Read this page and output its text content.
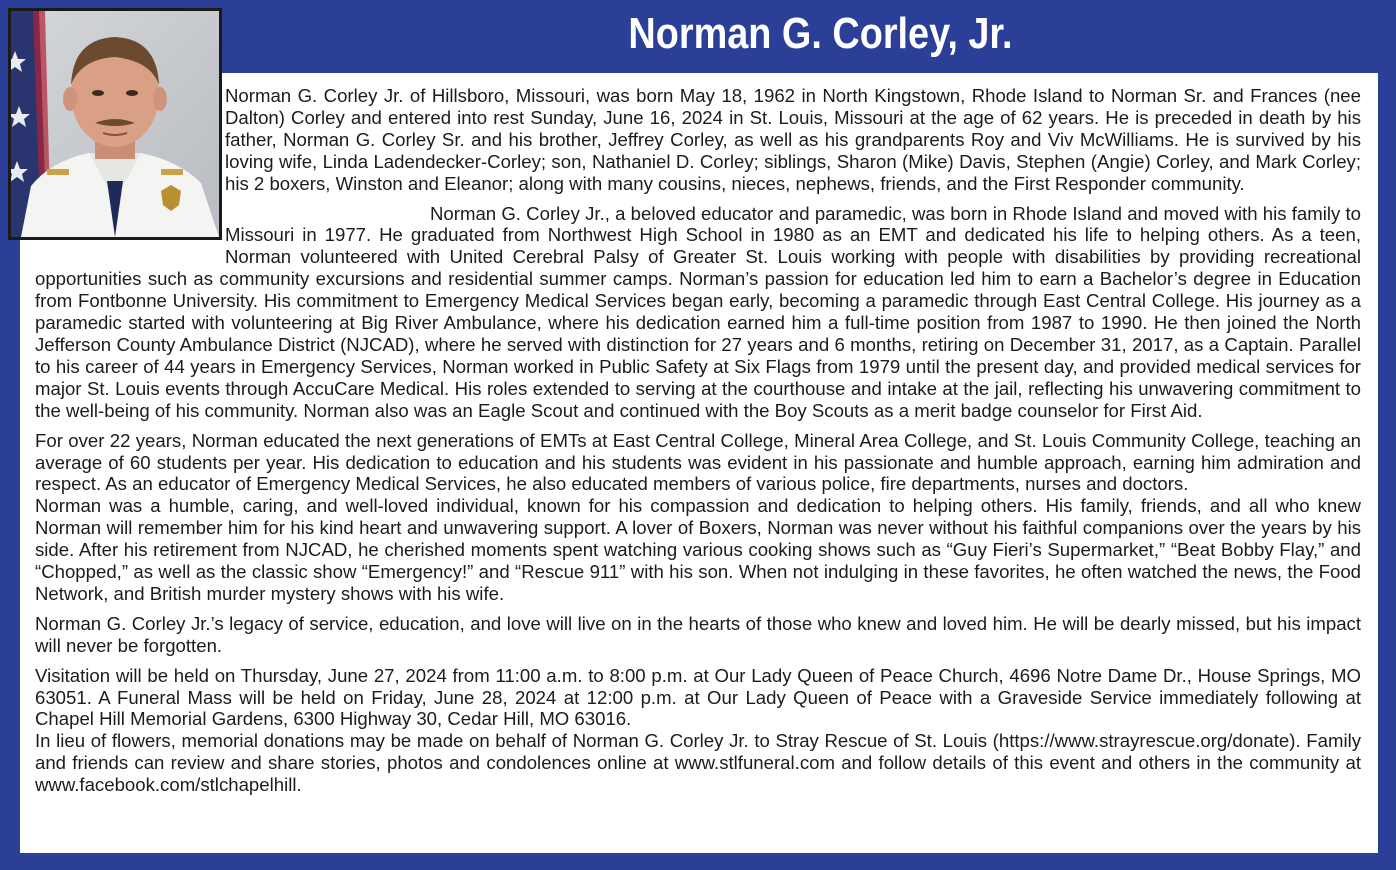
Norman G. Corley, Jr.

Norman G. Corley Jr. of Hillsboro, Missouri, was born May 18, 1962 in North Kingstown, Rhode Island to Norman Sr. and Frances (nee Dalton) Corley and entered into rest Sunday, June 16, 2024 in St. Louis, Missouri at the age of 62 years. He is preceded in death by his father, Norman G. Corley Sr. and his brother, Jeffrey Corley, as well as his grandparents Roy and Viv McWilliams. He is survived by his loving wife, Linda Ladendecker-Corley; son, Nathaniel D. Corley; siblings, Sharon (Mike) Davis, Stephen (Angie) Corley, and Mark Corley; his 2 boxers, Winston and Eleanor; along with many cousins, nieces, nephews, friends, and the First Responder community.

Norman G. Corley Jr., a beloved educator and paramedic, was born in Rhode Island and moved with his family to Missouri in 1977. He graduated from Northwest High School in 1980 as an EMT and dedicated his life to helping others. As a teen, Norman volunteered with United Cerebral Palsy of Greater St. Louis working with people with disabilities by providing recreational opportunities such as community excursions and residential summer camps. Norman’s passion for education led him to earn a Bachelor’s degree in Education from Fontbonne University. His commitment to Emergency Medical Services began early, becoming a paramedic through East Central College. His journey as a paramedic started with volunteering at Big River Ambulance, where his dedication earned him a full-time position from 1987 to 1990. He then joined the North Jefferson County Ambulance District (NJCAD), where he served with distinction for 27 years and 6 months, retiring on December 31, 2017, as a Captain. Parallel to his career of 44 years in Emergency Services, Norman worked in Public Safety at Six Flags from 1979 until the present day, and provided medical services for major St. Louis events through AccuCare Medical. His roles extended to serving at the courthouse and intake at the jail, reflecting his unwavering commitment to the well-being of his community. Norman also was an Eagle Scout and continued with the Boy Scouts as a merit badge counselor for First Aid.

For over 22 years, Norman educated the next generations of EMTs at East Central College, Mineral Area College, and St. Louis Community College, teaching an average of 60 students per year. His dedication to education and his students was evident in his passionate and humble approach, earning him admiration and respect. As an educator of Emergency Medical Services, he also educated members of various police, fire departments, nurses and doctors.

Norman was a humble, caring, and well-loved individual, known for his compassion and dedication to helping others. His family, friends, and all who knew Norman will remember him for his kind heart and unwavering support. A lover of Boxers, Norman was never without his faithful companions over the years by his side. After his retirement from NJCAD, he cherished moments spent watching various cooking shows such as “Guy Fieri’s Supermarket,” “Beat Bobby Flay,” and “Chopped,” as well as the classic show “Emergency!” and “Rescue 911” with his son. When not indulging in these favorites, he often watched the news, the Food Network, and British murder mystery shows with his wife.

Norman G. Corley Jr.’s legacy of service, education, and love will live on in the hearts of those who knew and loved him. He will be dearly missed, but his impact will never be forgotten.

Visitation will be held on Thursday, June 27, 2024 from 11:00 a.m. to 8:00 p.m. at Our Lady Queen of Peace Church, 4696 Notre Dame Dr., House Springs, MO 63051. A Funeral Mass will be held on Friday, June 28, 2024 at 12:00 p.m. at Our Lady Queen of Peace with a Graveside Service immediately following at Chapel Hill Memorial Gardens, 6300 Highway 30, Cedar Hill, MO 63016.

In lieu of flowers, memorial donations may be made on behalf of Norman G. Corley Jr. to Stray Rescue of St. Louis (https://www.strayrescue.org/donate). Family and friends can review and share stories, photos and condolences online at www.stlfuneral.com and follow details of this event and others in the community at www.facebook.com/stlchapelhill.
